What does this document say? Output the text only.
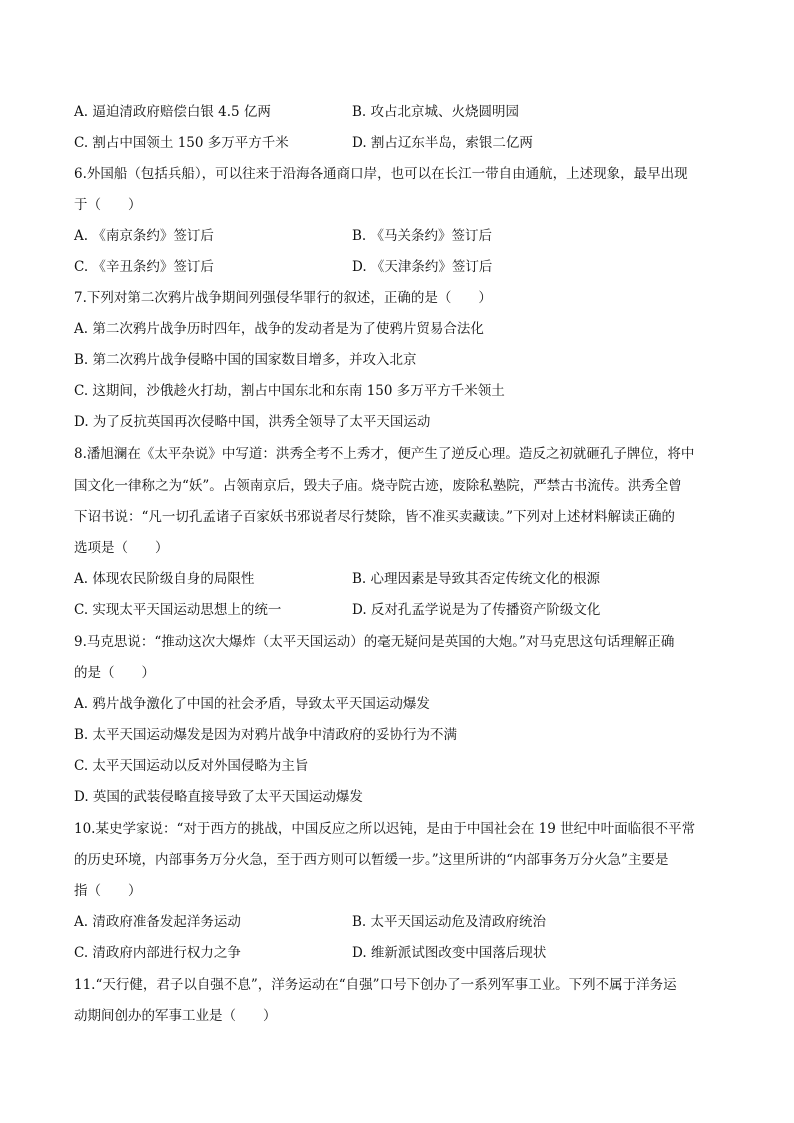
A. 逼迫清政府赔偿白银 4.5 亿两	B. 攻占北京城、火烧圆明园
C. 割占中国领土 150 多万平方千米	D. 割占辽东半岛，索银二亿两
6.外国船（包括兵船），可以往来于沿海各通商口岸，也可以在长江一带自由通航，上述现象，最早出现
于（　　）
A. 《南京条约》签订后	B. 《马关条约》签订后
C. 《辛丑条约》签订后	D. 《天津条约》签订后
7.下列对第二次鸦片战争期间列强侵华罪行的叙述，正确的是（　　）
A. 第二次鸦片战争历时四年，战争的发动者是为了使鸦片贸易合法化
B. 第二次鸦片战争侵略中国的国家数目增多，并攻入北京
C. 这期间，沙俄趁火打劫，割占中国东北和东南 150 多万平方千米领土
D. 为了反抗英国再次侵略中国，洪秀全领导了太平天国运动
8.潘旭澜在《太平杂说》中写道：洪秀全考不上秀才，便产生了逆反心理。造反之初就砸孔子牌位，将中
国文化一律称之为“妖”。占领南京后，毁夫子庙。烧寺院古迹，废除私塾院，严禁古书流传。洪秀全曾
下诏书说：“凡一切孔孟诸子百家妖书邪说者尽行焚除，皆不准买卖藏读。”下列对上述材料解读正确的
选项是（　　）
A. 体现农民阶级自身的局限性	B. 心理因素是导致其否定传统文化的根源
C. 实现太平天国运动思想上的统一	D. 反对孔孟学说是为了传播资产阶级文化
9.马克思说：“推动这次大爆炸（太平天国运动）的毫无疑问是英国的大炮。”对马克思这句话理解正确
的是（　　）
A. 鸦片战争激化了中国的社会矛盾，导致太平天国运动爆发
B. 太平天国运动爆发是因为对鸦片战争中清政府的妥协行为不满
C. 太平天国运动以反对外国侵略为主旨
D. 英国的武装侵略直接导致了太平天国运动爆发
10.某史学家说：“对于西方的挑战，中国反应之所以迟钝，是由于中国社会在 19 世纪中叶面临很不平常
的历史环境，内部事务万分火急，至于西方则可以暂缓一步。”这里所讲的“内部事务万分火急”主要是
指（　　）
A. 清政府准备发起洋务运动	B. 太平天国运动危及清政府统治
C. 清政府内部进行权力之争	D. 维新派试图改变中国落后现状
11.“天行健，君子以自强不息”，洋务运动在“自强”口号下创办了一系列军事工业。下列不属于洋务运
动期间创办的军事工业是（　　）
